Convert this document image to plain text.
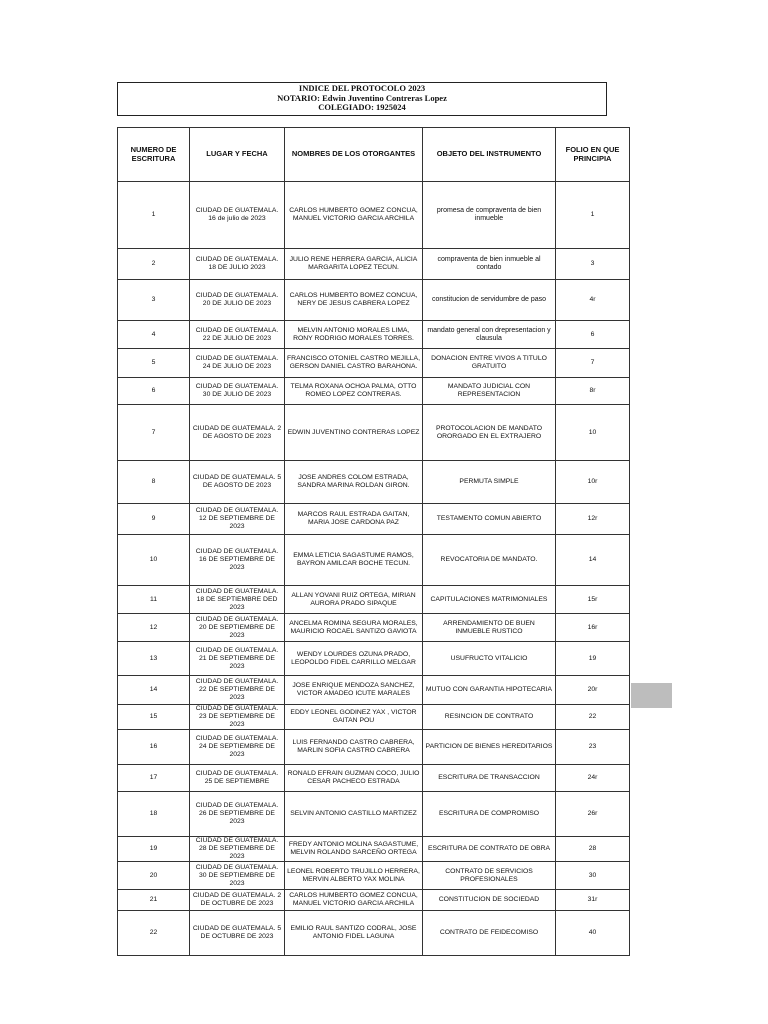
INDICE DEL PROTOCOLO 2023
NOTARIO: Edwin Juventino Contreras Lopez
COLEGIADO: 1925024
NUMERO DE ESCRITURA	LUGAR Y FECHA	NOMBRES DE LOS OTORGANTES	OBJETO DEL INSTRUMENTO	FOLIO EN QUE PRINCIPIA
1	CIUDAD DE GUATEMALA. 16 de julio de 2023	CARLOS HUMBERTO GOMEZ CONCUA, MANUEL VICTORIO GARCIA ARCHILA	promesa de compraventa de bien inmueble	1
2	CIUDAD DE GUATEMALA. 18 DE JULIO 2023	JULIO RENE HERRERA GARCIA, ALICIA MARGARITA LOPEZ TECUN.	compraventa de bien inmueble al contado	3
3	CIUDAD DE GUATEMALA. 20 DE JULIO DE 2023	CARLOS HUMBERTO BOMEZ CONCUA, NERY DE JESUS CABRERA LOPEZ	constitucion de servidumbre de paso	4r
4	CIUDAD DE GUATEMALA. 22 DE JULIO DE 2023	MELVIN ANTONIO MORALES LIMA, RONY RODRIGO MORALES TORRES.	mandato general con drepresentacion y clausula	6
5	CIUDAD DE GUATEMALA. 24 DE JULIO DE 2023	FRANCISCO OTONIEL CASTRO MEJILLA, GERSON DANIEL CASTRO BARAHONA.	DONACION ENTRE VIVOS A TITULO GRATUITO	7
6	CIUDAD DE GUATEMALA. 30 DE JULIO DE 2023	TELMA ROXANA OCHOA PALMA, OTTO ROMEO LOPEZ CONTRERAS.	MANDATO JUDICIAL CON REPRESENTACION	8r
7	CIUDAD DE GUATEMALA. 2 DE AGOSTO DE 2023	EDWIN JUVENTINO CONTRERAS LOPEZ	PROTOCOLACION DE MANDATO ORORGADO EN EL EXTRAJERO	10
8	CIUDAD DE GUATEMALA. 5 DE AGOSTO DE 2023	JOSE ANDRES COLOM ESTRADA, SANDRA MARINA ROLDAN GIRON.	PERMUTA SIMPLE	10r
9	CIUDAD DE GUATEMALA. 12 DE SEPTIEMBRE DE 2023	MARCOS RAUL ESTRADA GAITAN, MARIA JOSE CARDONA PAZ	TESTAMENTO COMUN ABIERTO	12r
10	CIUDAD DE GUATEMALA. 16 DE SEPTIEMBRE DE 2023	EMMA LETICIA SAGASTUME RAMOS, BAYRON AMILCAR BOCHE TECUN.	REVOCATORIA DE MANDATO.	14
11	CIUDAD DE GUATEMALA. 18 DE SEPTIEMBRE DED 2023	ALLAN YOVANI RUIZ ORTEGA, MIRIAN AURORA PRADO SIPAQUE	CAPITULACIONES MATRIMONIALES	15r
12	CIUDAD DE GUATEMALA. 20 DE SEPTIEMBRE DE 2023	ANCELMA ROMINA SEGURA MORALES, MAURICIO ROCAEL SANTIZO GAVIOTA	ARRENDAMIENTO DE BUEN INMUEBLE RUSTICO	16r
13	CIUDAD DE GUATEMALA. 21 DE SEPTIEMBRE DE 2023	WENDY LOURDES OZUNA PRADO, LEOPOLDO FIDEL CARRILLO MELGAR	USUFRUCTO VITALICIO	19
14	CIUDAD DE GUATEMALA. 22 DE SEPTIEMBRE DE 2023	JOSE ENRIQUE MENDOZA SANCHEZ, VICTOR AMADEO ICUTE MARALES	MUTUO CON GARANTIA HIPOTECARIA	20r
15	CIUDAD DE GUATEMALA. 23 DE SEPTIEMBRE DE 2023	EDDY LEONEL GODINEZ YAX , VICTOR GAITAN POU	RESINCION DE CONTRATO	22
16	CIUDAD DE GUATEMALA. 24 DE SEPTIEMBRE DE 2023	LUIS FERNANDO CASTRO CABRERA, MARLIN SOFIA CASTRO CABRERA	PARTICION DE BIENES HEREDITARIOS	23
17	CIUDAD DE GUATEMALA. 25 DE SEPTIEMBRE	RONALD EFRAIN GUZMAN COCO, JULIO CESAR PACHECO ESTRADA	ESCRITURA DE TRANSACCION	24r
18	CIUDAD DE GUATEMALA. 26 DE SEPTIEMBRE DE 2023	SELVIN ANTONIO CASTILLO MARTIZEZ	ESCRITURA DE COMPROMISO	26r
19	CIUDAD DE GUATEMALA. 28 DE SEPTIEMBRE DE 2023	FREDY ANTONIO MOLINA SAGASTUME, MELVIN ROLANDO SARCEÑO ORTEGA	ESCRITURA DE CONTRATO DE OBRA	28
20	CIUDAD DE GUATEMALA. 30 DE SEPTIEMBRE DE 2023	LEONEL ROBERTO TRUJILLO HERRERA, MERVIN ALBERTO YAX MOLINA	CONTRATO DE SERVICIOS PROFESIONALES	30
21	CIUDAD DE GUATEMALA. 2 DE OCTUBRE DE 2023	CARLOS HUMBERTO GOMEZ CONCUA, MANUEL VICTORIO GARCIA ARCHILA	CONSTITUCION DE SOCIEDAD	31r
22	CIUDAD DE GUATEMALA. 5 DE OCTUBRE DE 2023	EMILIO RAUL SANTIZO CODRAL, JOSE ANTONIO FIDEL LAGUNA	CONTRATO DE FEIDECOMISO	40
